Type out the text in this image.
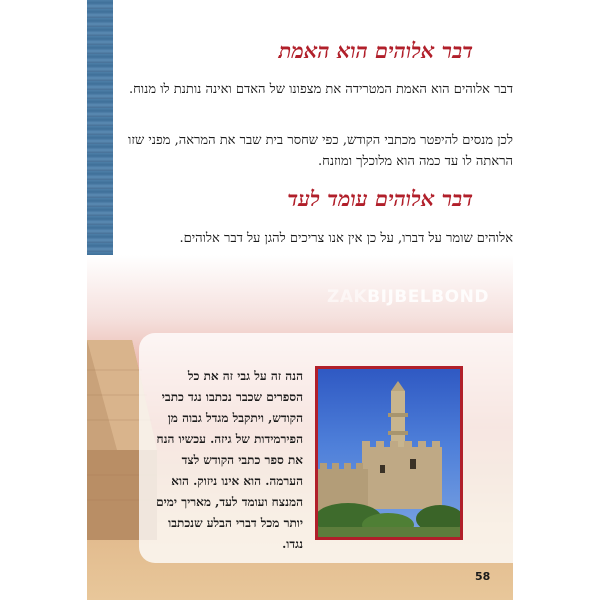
ZAKBIJBELBOND
דבר אלוהים הוא האמת

דבר אלוהים הוא האמת המטרידה את מצפונו של האדם ואינה נותנת לו מנוח.

לכן מנסים להיפטר מכתבי הקודש, כפי שחסר בית שבר את המראה, מפני שזו הראתה לו עד כמה הוא מלוכלך ומוזנח.

דבר אלוהים עומד לעד

אלוהים שומר על דברו, על כן אין אנו צריכים להגן על דבר אלוהים.

הנה זה על גבי זה את כל הספרים שכבר נכתבו נגד כתבי הקודש, ויתקבל מגדל גבוה מן הפירמידות של גיזה. עכשיו הנח את ספר כתבי הקודש לצד הערמה. הוא אינו ניזוק. הוא המנצח ועומד לעד, מאריך ימים יותר מכל דברי הבלע שנכתבו נגדו.

58
